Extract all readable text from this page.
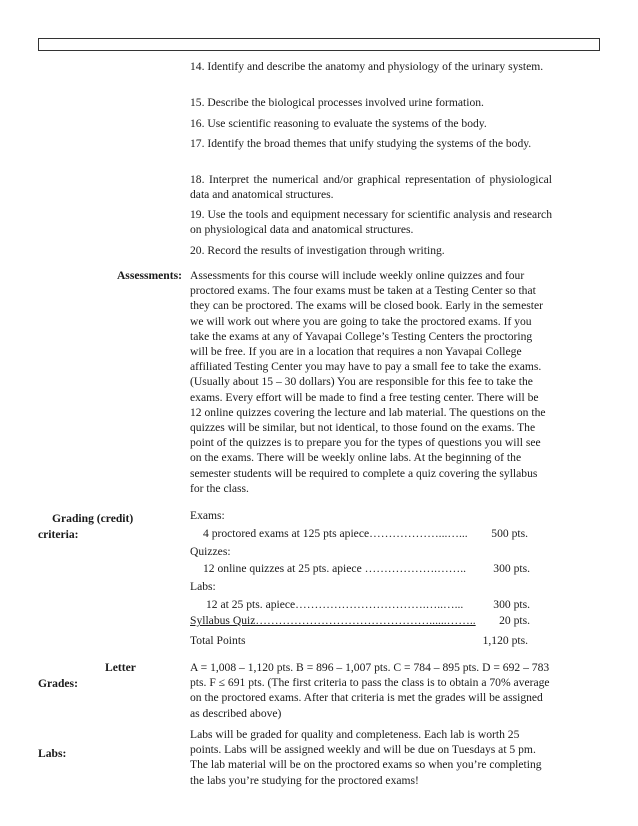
14. Identify and describe the anatomy and physiology of the urinary system.
15. Describe the biological processes involved urine formation.
16. Use scientific reasoning to evaluate the systems of the body.
17. Identify the broad themes that unify studying the systems of the body.
18. Interpret the numerical and/or graphical representation of physiological data and anatomical structures.
19. Use the tools and equipment necessary for scientific analysis and research on physiological data and anatomical structures.
20. Record the results of investigation through writing.
Assessments: Assessments for this course will include weekly online quizzes and four proctored exams. The four exams must be taken at a Testing Center so that they can be proctored. The exams will be closed book. Early in the semester we will work out where you are going to take the proctored exams. If you take the exams at any of Yavapai College’s Testing Centers the proctoring will be free. If you are in a location that requires a non Yavapai College affiliated Testing Center you may have to pay a small fee to take the exams. (Usually about 15 – 30 dollars) You are responsible for this fee to take the exams. Every effort will be made to find a free testing center. There will be 12 online quizzes covering the lecture and lab material. The questions on the quizzes will be similar, but not identical, to those found on the exams. The point of the quizzes is to prepare you for the types of questions you will see on the exams. There will be weekly online labs. At the beginning of the semester students will be required to complete a quiz covering the syllabus for the class.
Grading (credit)
criteria:
Exams:
4 proctored exams at 125 pts apiece………………...…... 500 pts.
Quizzes:
12 online quizzes at 25 pts. apiece ……………….…….. 300 pts.
Labs:
12 at 25 pts. apiece…………………………….…..…...	300 pts.
Syllabus Quiz………………………………………......…….. 20 pts.
Total Points	1,120 pts.
Letter
Grades:
A = 1,008 – 1,120 pts. B = 896 – 1,007 pts. C = 784 – 895 pts. D = 692 – 783 pts. F ≤ 691 pts. (The first criteria to pass the class is to obtain a 70% average on the proctored exams. After that criteria is met the grades will be assigned as described above)
Labs:
Labs will be graded for quality and completeness. Each lab is worth 25 points. Labs will be assigned weekly and will be due on Tuesdays at 5 pm. The lab material will be on the proctored exams so when you’re completing the labs you’re studying for the proctored exams!
